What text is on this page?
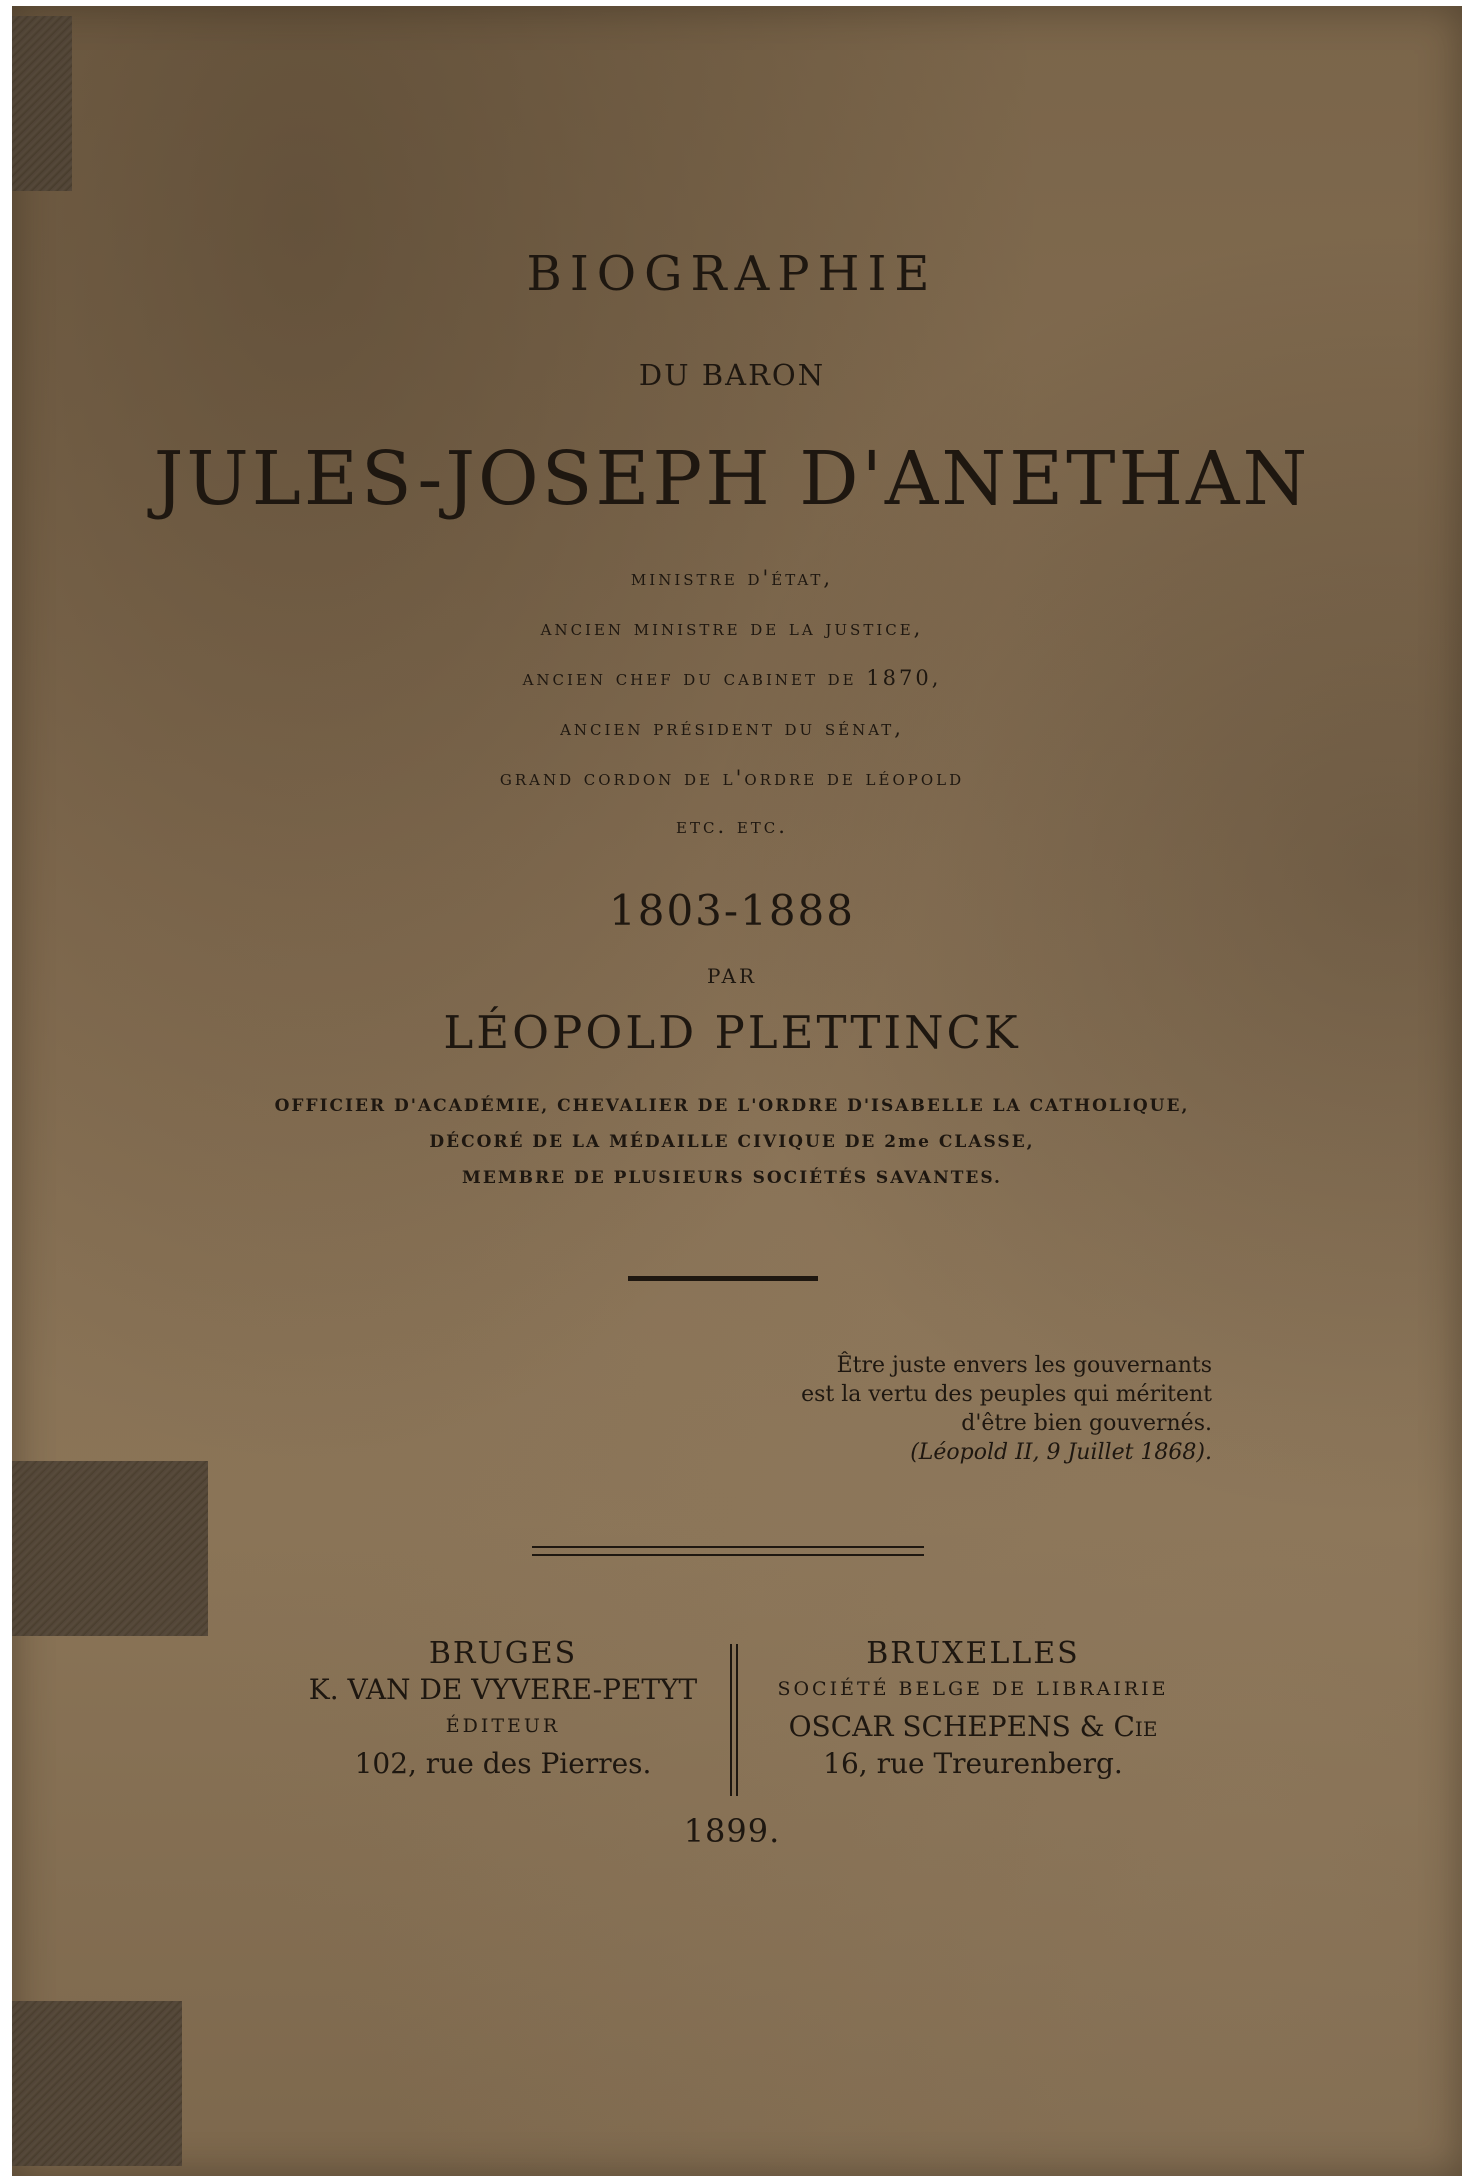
BIOGRAPHIE
DU BARON
JULES-JOSEPH D'ANETHAN
ministre d'état,
ancien ministre de la justice,
ancien chef du cabinet de 1870,
ancien président du sénat,
grand cordon de l'ordre de léopold
etc. etc.
1803-1888
PAR
LÉOPOLD PLETTINCK
OFFICIER D'ACADÉMIE, CHEVALIER DE L'ORDRE D'ISABELLE LA CATHOLIQUE,
DÉCORÉ DE LA MÉDAILLE CIVIQUE DE 2me CLASSE,
MEMBRE DE PLUSIEURS SOCIÉTÉS SAVANTES.
Être juste envers les gouvernants
est la vertu des peuples qui méritent
d'être bien gouvernés.
(Léopold II, 9 Juillet 1868).
BRUGES
K. VAN DE VYVERE-PETYT
ÉDITEUR
102, rue des Pierres.
BRUXELLES
SOCIÉTÉ BELGE DE LIBRAIRIE
OSCAR SCHEPENS & Cie
16, rue Treurenberg.
1899.
